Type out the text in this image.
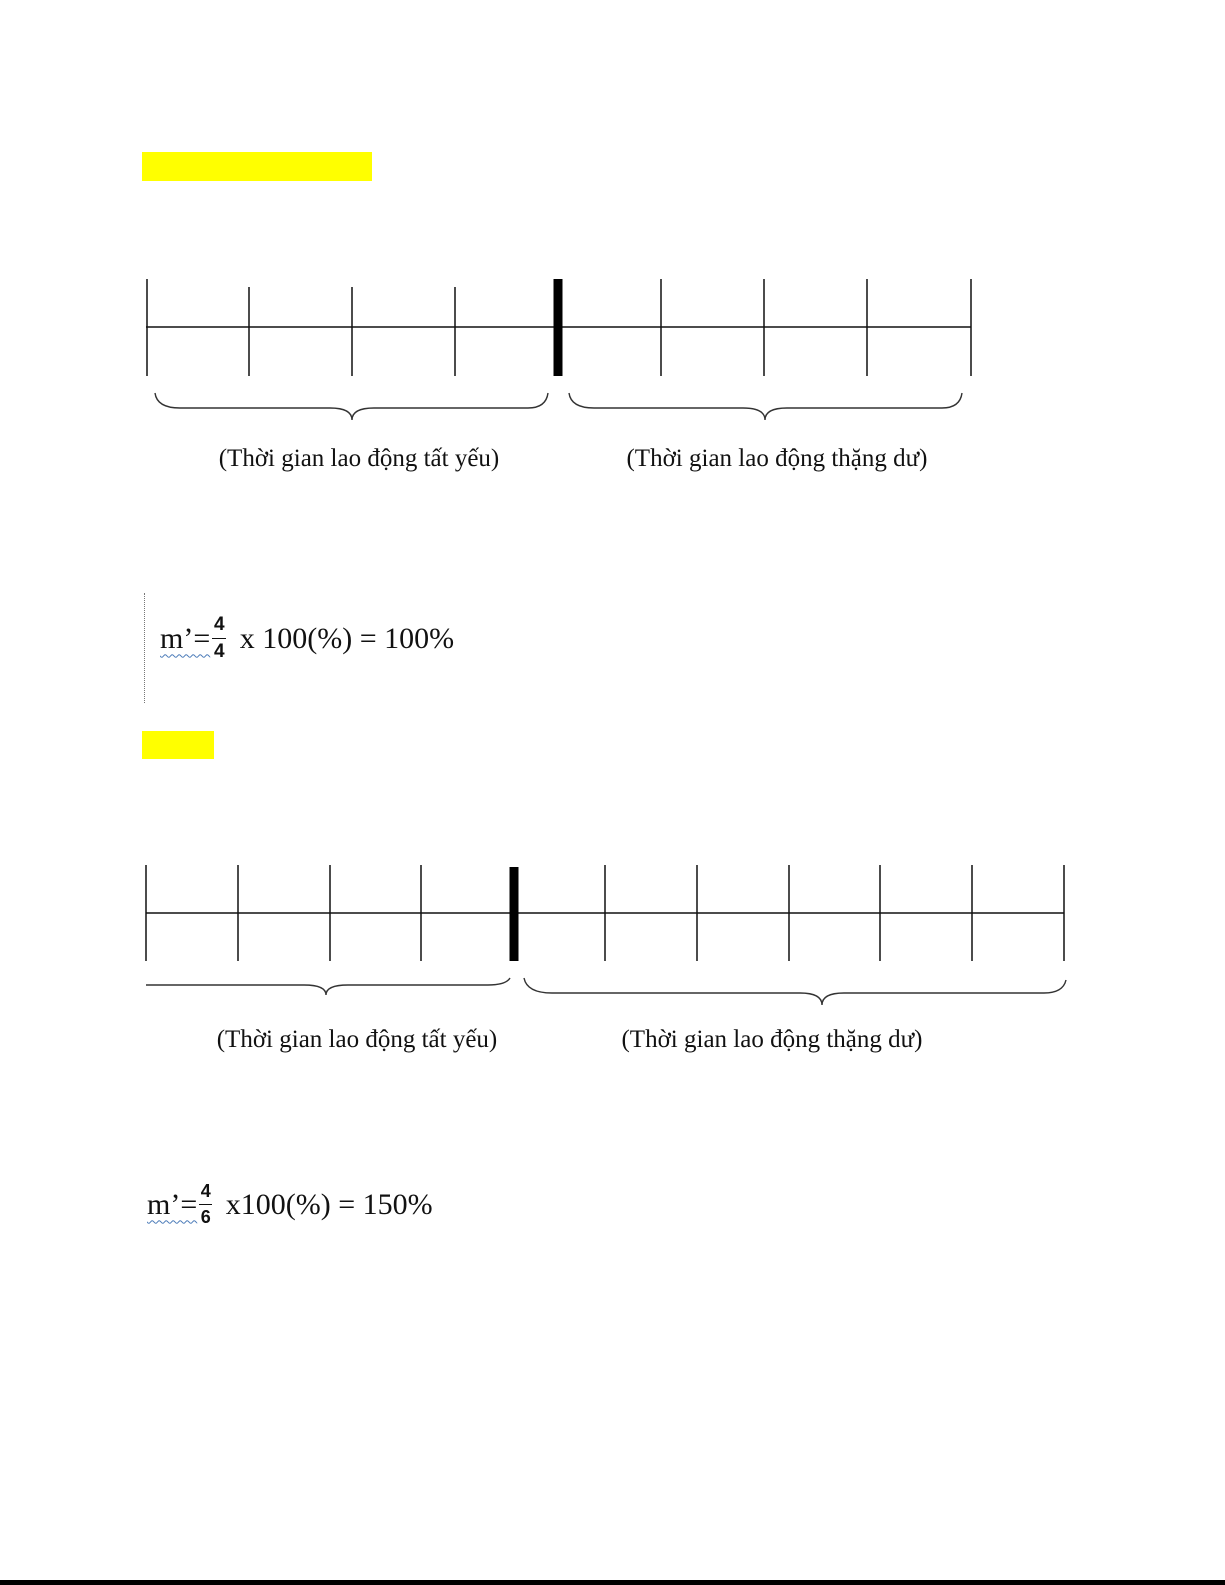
(Thời gian lao động tất yếu)	(Thời gian lao động thặng dư)
m’= $\frac{4}{4}$ x 100(%) = 100%
(Thời gian lao động tất yếu)	(Thời gian lao động thặng dư)
m’= $\frac{4}{6} x100(\%) = 150\%$
